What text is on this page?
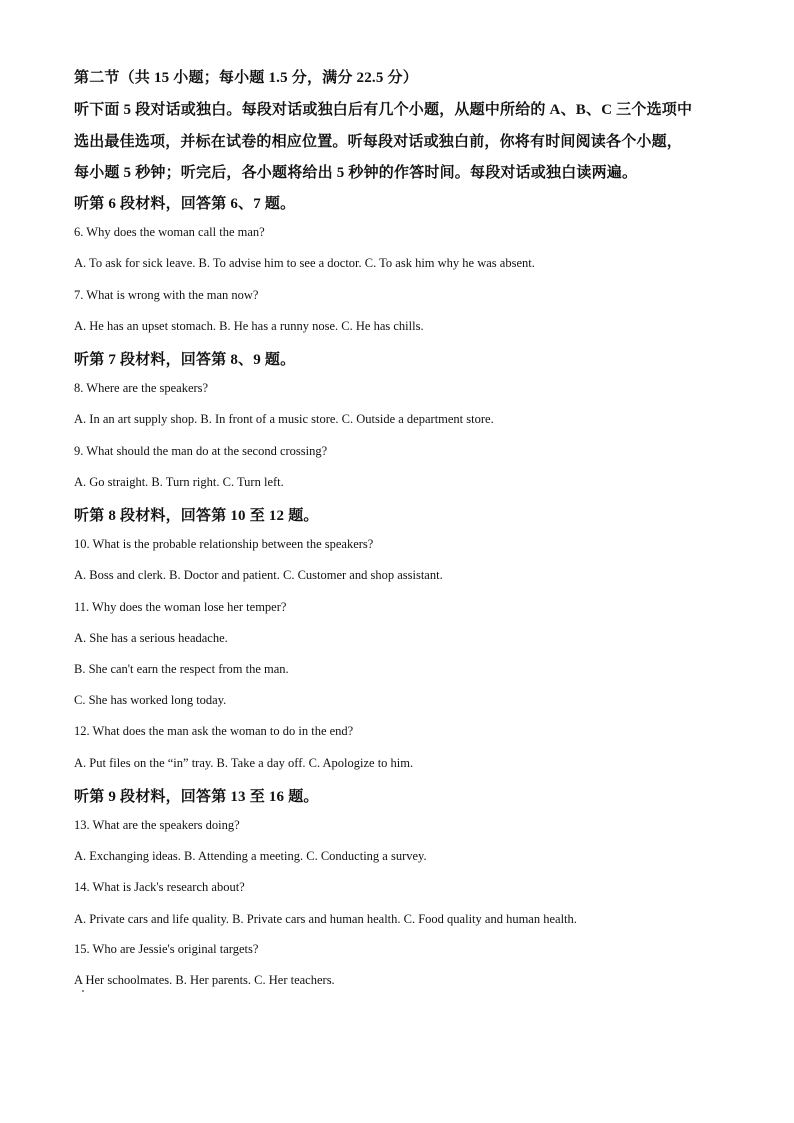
第二节（共 15 小题；每小题 1.5 分，满分 22.5 分）
听下面 5 段对话或独白。每段对话或独白后有几个小题，从题中所给的 A、B、C 三个选项中
选出最佳选项，并标在试卷的相应位置。听每段对话或独白前，你将有时间阅读各个小题，
每小题 5 秒钟；听完后，各小题将给出 5 秒钟的作答时间。每段对话或独白读两遍。
听第 6 段材料，回答第 6、7 题。
6. Why does the woman call the man?
A. To ask for sick leave. B. To advise him to see a doctor. C. To ask him why he was absent.
7. What is wrong with the man now?
A. He has an upset stomach. B. He has a runny nose. C. He has chills.
听第 7 段材料，回答第 8、9 题。
8. Where are the speakers?
A. In an art supply shop. B. In front of a music store. C. Outside a department store.
9. What should the man do at the second crossing?
A. Go straight. B. Turn right. C. Turn left.
听第 8 段材料，回答第 10 至 12 题。
10. What is the probable relationship between the speakers?
A. Boss and clerk. B. Doctor and patient. C. Customer and shop assistant.
11. Why does the woman lose her temper?
A. She has a serious headache.
B. She can't earn the respect from the man.
C. She has worked long today.
12. What does the man ask the woman to do in the end?
A. Put files on the “in” tray. B. Take a day off. C. Apologize to him.
听第 9 段材料，回答第 13 至 16 题。
13. What are the speakers doing?
A. Exchanging ideas. B. Attending a meeting. C. Conducting a survey.
14. What is Jack's research about?
A. Private cars and life quality. B. Private cars and human health. C. Food quality and human health.
15. Who are Jessie's original targets?
A Her schoolmates. B. Her parents. C. Her teachers.
